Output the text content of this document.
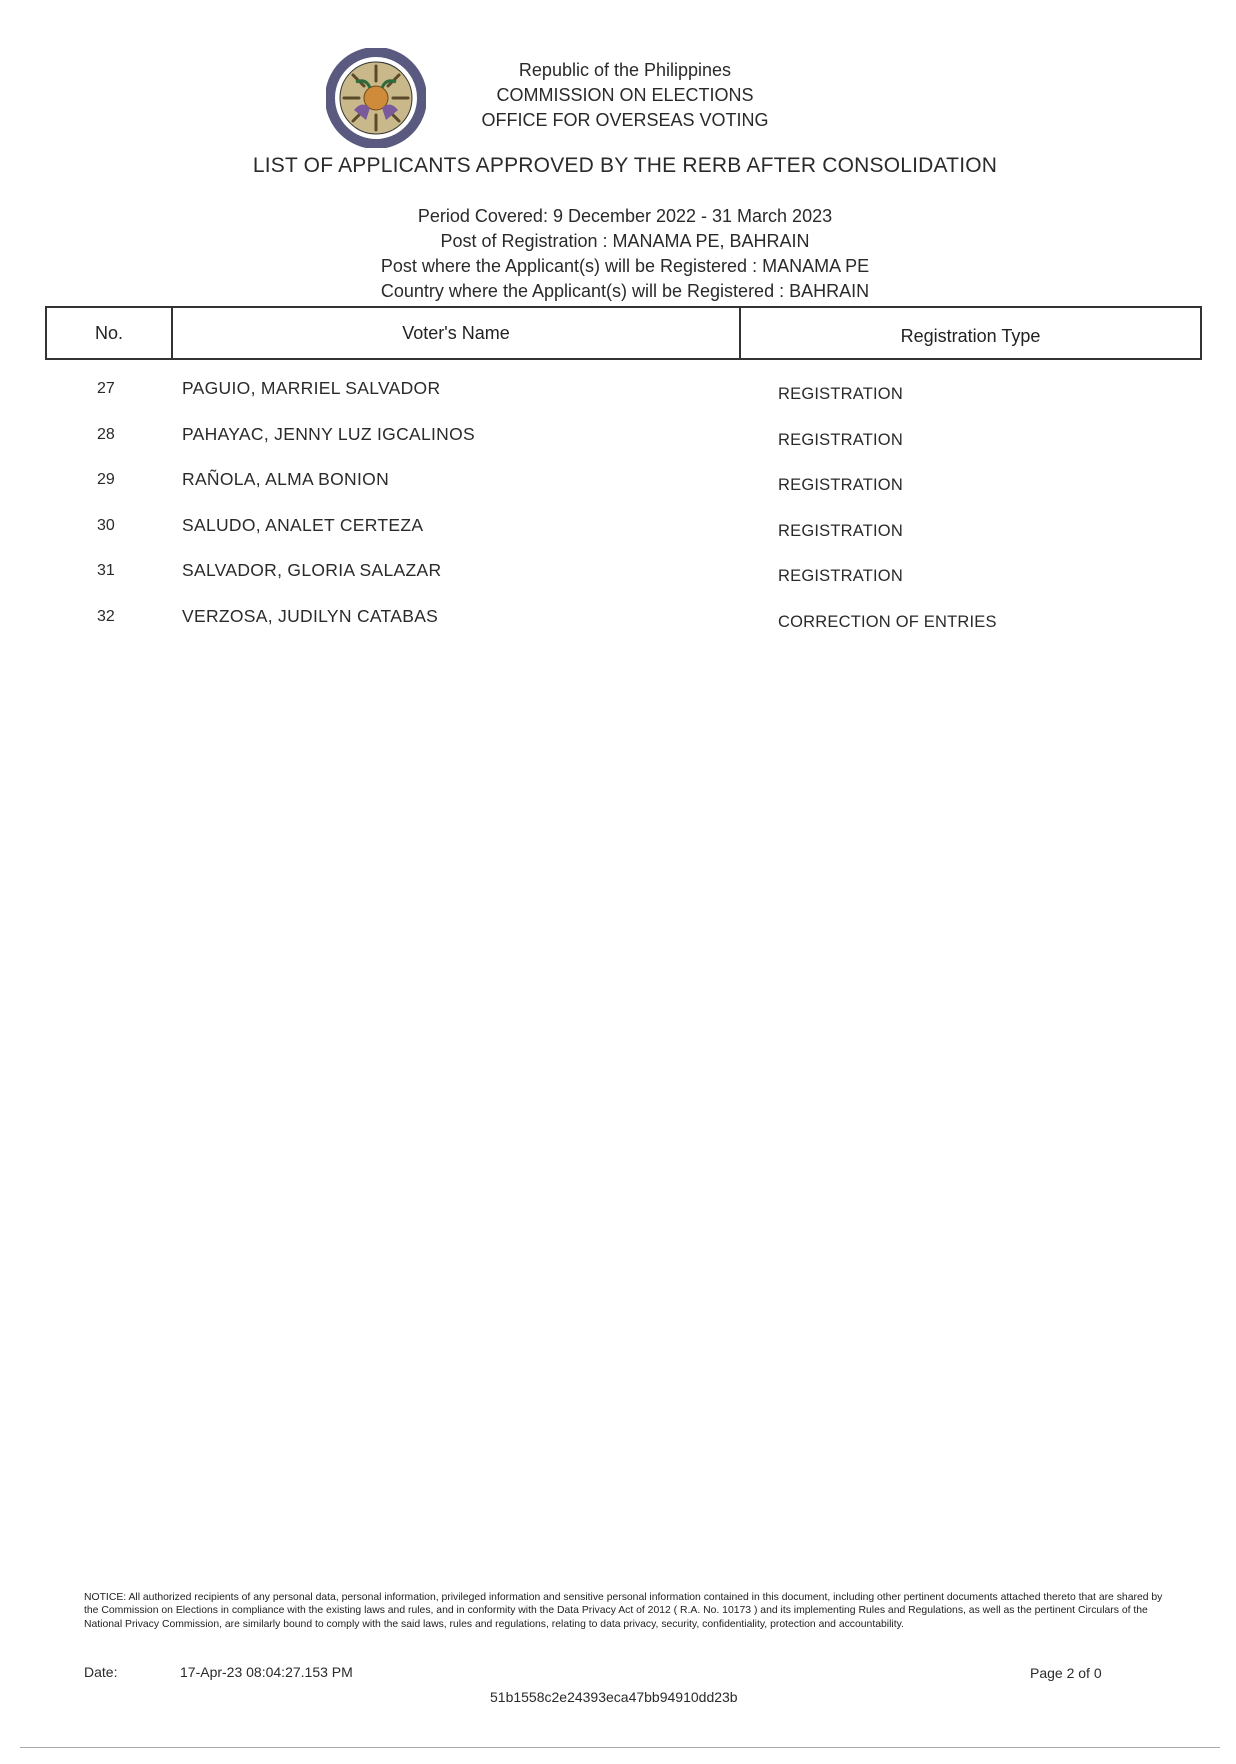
Republic of the Philippines
COMMISSION ON ELECTIONS
OFFICE FOR OVERSEAS VOTING
LIST OF APPLICANTS APPROVED BY THE RERB AFTER CONSOLIDATION
Period Covered: 9 December 2022 - 31 March 2023
Post of Registration : MANAMA PE, BAHRAIN
Post where the Applicant(s) will be Registered : MANAMA PE
Country where the Applicant(s) will be Registered : BAHRAIN
No.	Voter's Name	Registration Type
27	PAGUIO, MARRIEL SALVADOR	REGISTRATION
28	PAHAYAC, JENNY LUZ IGCALINOS	REGISTRATION
29	RAÑOLA, ALMA BONION	REGISTRATION
30	SALUDO, ANALET CERTEZA	REGISTRATION
31	SALVADOR, GLORIA SALAZAR	REGISTRATION
32	VERZOSA, JUDILYN CATABAS	CORRECTION OF ENTRIES
NOTICE: All authorized recipients of any personal data, personal information, privileged information and sensitive personal information contained in this document, including other pertinent documents attached thereto that are shared by the Commission on Elections in compliance with the existing laws and rules, and in conformity with the Data Privacy Act of 2012 ( R.A. No. 10173 ) and its implementing Rules and Regulations, as well as the pertinent Circulars of the National Privacy Commission, are similarly bound to comply with the said laws, rules and regulations, relating to data privacy, security, confidentiality, protection and accountability.
Date:	17-Apr-23 08:04:27.153 PM	Page 2 of 0
51b1558c2e24393eca47bb94910dd23b
